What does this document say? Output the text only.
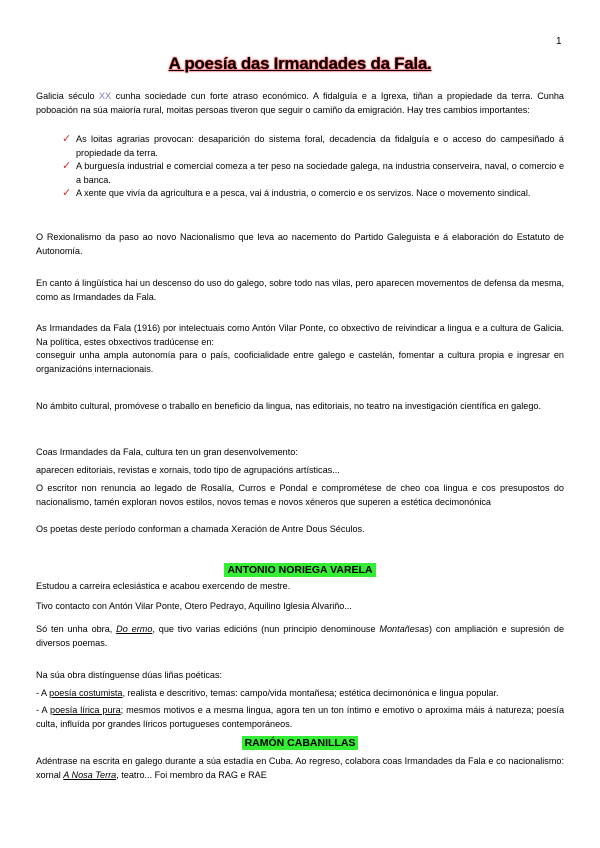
1
A poesía das Irmandades da Fala.
Galicia século XX cunha sociedade cun forte atraso económico. A fidalguía e a Igrexa, tiñan a propiedade da terra. Cunha poboación na súa maioría rural, moitas persoas tiveron que seguir o camiño da emigración. Hay tres cambios importantes:
✓ As loitas agrarias provocan: desaparición do sistema foral, decadencia da fidalguía e o acceso do campesiñado á propiedade da terra.
✓ A burguesía industrial e comercial comeza a ter peso na sociedade galega, na industria conserveira, naval, o comercio e a banca.
✓ A xente que vivía da agricultura e a pesca, vai á industria, o comercio e os servizos. Nace o movemento sindical.
O Rexionalismo da paso ao novo Nacionalismo que leva ao nacemento do Partido Galeguista e á elaboración do Estatuto de Autonomía.
En canto á lingüística hai un descenso do uso do galego, sobre todo nas vilas, pero aparecen movementos de defensa da mesma, como as Irmandades da Fala.
As Irmandades da Fala (1916) por intelectuais como Antón Vilar Ponte, co obxectivo de reivindicar a lingua e a cultura de Galicia. Na política, estes obxectivos tradúcense en:
conseguir unha ampla autonomía para o país, cooficialidade entre galego e castelán, fomentar a cultura propia e ingresar en organizacións internacionais.
No ámbito cultural, promóvese o traballo en beneficio da lingua, nas editoriais, no teatro na investigación científica en galego.
Coas Irmandades da Fala, cultura ten un gran desenvolvemento:
aparecen editoriais, revistas e xornais, todo tipo de agrupacións artísticas...
O escritor non renuncia ao legado de Rosalía, Curros e Pondal e comprométese de cheo coa lingua e cos presupostos do nacionalismo, tamén exploran novos estilos, novos temas e novos xéneros que superen a estética decimonónica
Os poetas deste período conforman a chamada Xeración de Antre Dous Séculos.
ANTONIO NORIEGA VARELA
Estudou a carreira eclesiástica e acabou exercendo de mestre.
Tivo contacto con Antón Vilar Ponte, Otero Pedrayo, Aquilino Iglesia Alvariño...
Só ten unha obra, Do ermo, que tivo varias edicións (nun principio denominouse Montañesas) con ampliación e supresión de diversos poemas.
Na súa obra distínguense dúas liñas poéticas:
- A poesía costumista, realista e descritivo, temas: campo/vida montañesa; estética decimonónica e lingua popular.
- A poesía lírica pura; mesmos motivos e a mesma lingua, agora ten un ton íntimo e emotivo o aproxima máis á natureza; poesía culta, influída por grandes líricos portugueses contemporáneos.
RAMÓN CABANILLAS
Adéntrase na escrita en galego durante a súa estadía en Cuba. Ao regreso, colabora coas Irmandades da Fala e co nacionalismo: xornal A Nosa Terra, teatro... Foi membro da RAG e RAE
